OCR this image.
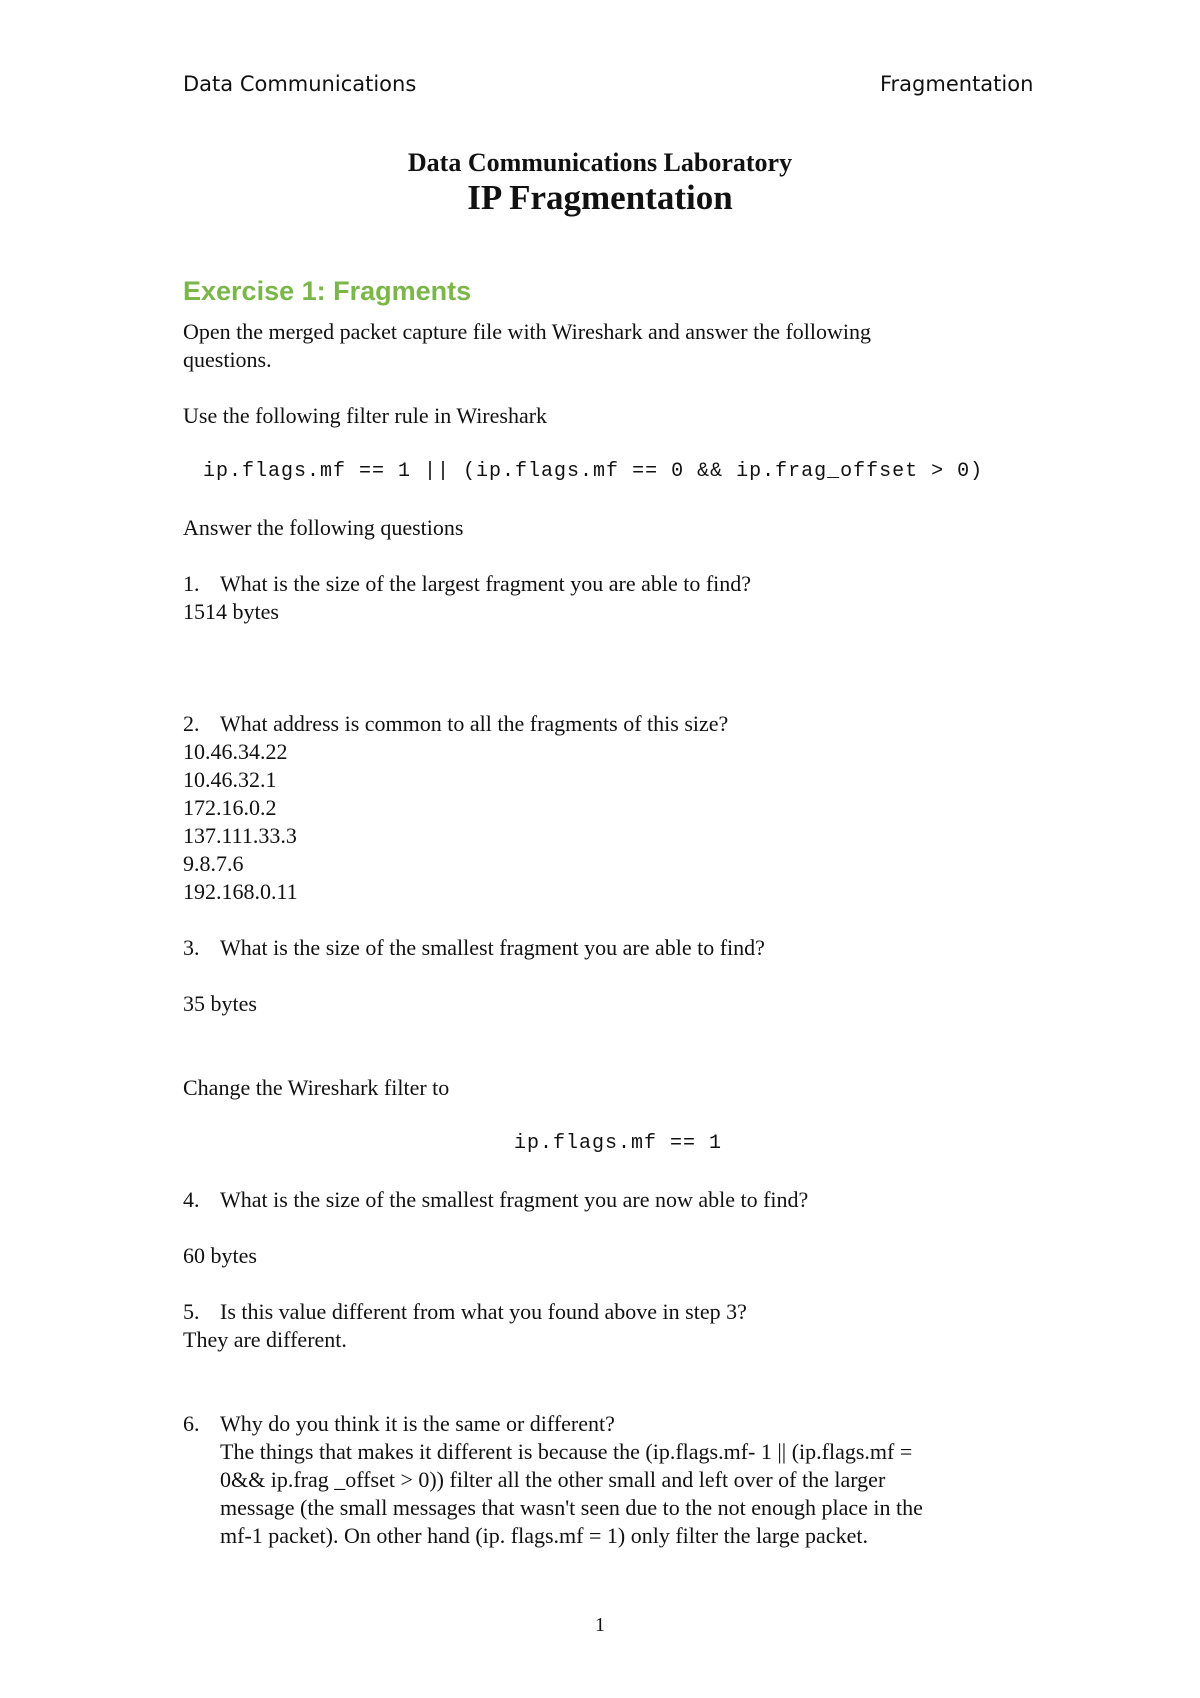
Data Communications	Fragmentation
Data Communications Laboratory
IP Fragmentation
Exercise 1: Fragments

Open the merged packet capture file with Wireshark and answer the following

questions.

Use the following filter rule in Wireshark

ip.flags.mf == 1 || (ip.flags.mf == 0 && ip.frag_offset > 0)

Answer the following questions

1. What is the size of the largest fragment you are able to find?

1514 bytes

2. What address is common to all the fragments of this size?

10.46.34.22

10.46.32.1

172.16.0.2

137.111.33.3

9.8.7.6

192.168.0.11

3. What is the size of the smallest fragment you are able to find?

35 bytes

Change the Wireshark filter to

ip.flags.mf == 1

4. What is the size of the smallest fragment you are now able to find?

60 bytes

5. Is this value different from what you found above in step 3?

They are different.

6. Why do you think it is the same or different?

The things that makes it different is because the (ip.flags.mf- 1 || (ip.flags.mf =

0&& ip.frag _offset > 0)) filter all the other small and left over of the larger

message (the small messages that wasn't seen due to the not enough place in the

mf-1 packet). On other hand (ip. flags.mf = 1) only filter the large packet.

1
